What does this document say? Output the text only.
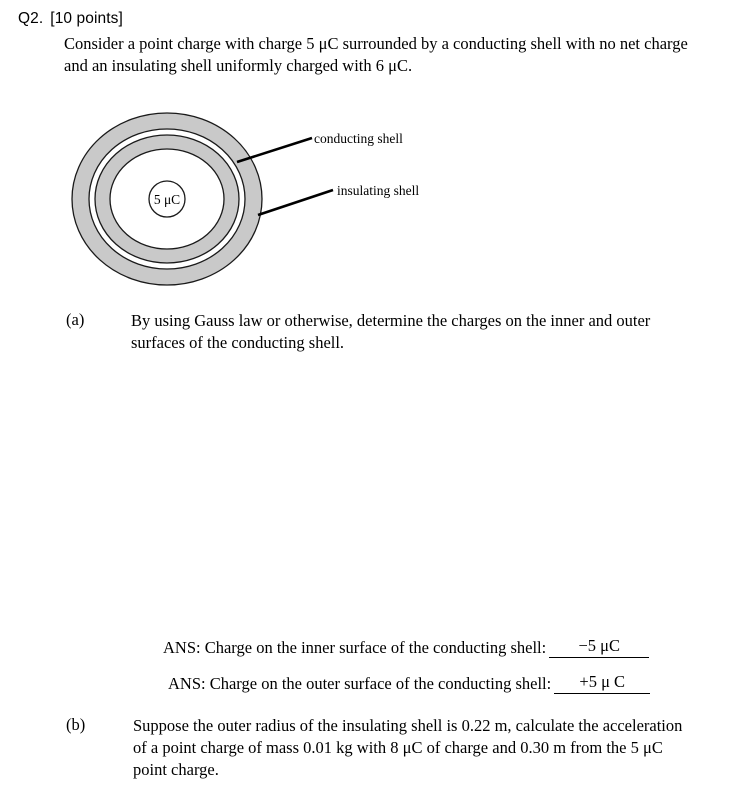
Q2. [10 points]
Consider a point charge with charge 5 μC surrounded by a conducting shell with no net charge and an insulating shell uniformly charged with 6 μC.
5 μC
conducting shell
insulating shell
(a)	By using Gauss law or otherwise, determine the charges on the inner and outer surfaces of the conducting shell.
ANS: Charge on the inner surface of the conducting shell:	−5 μC
ANS: Charge on the outer surface of the conducting shell:	+5 μ C
(b)	Suppose the outer radius of the insulating shell is 0.22 m, calculate the acceleration of a point charge of mass 0.01 kg with 8 μC of charge and 0.30 m from the 5 μC point charge.
